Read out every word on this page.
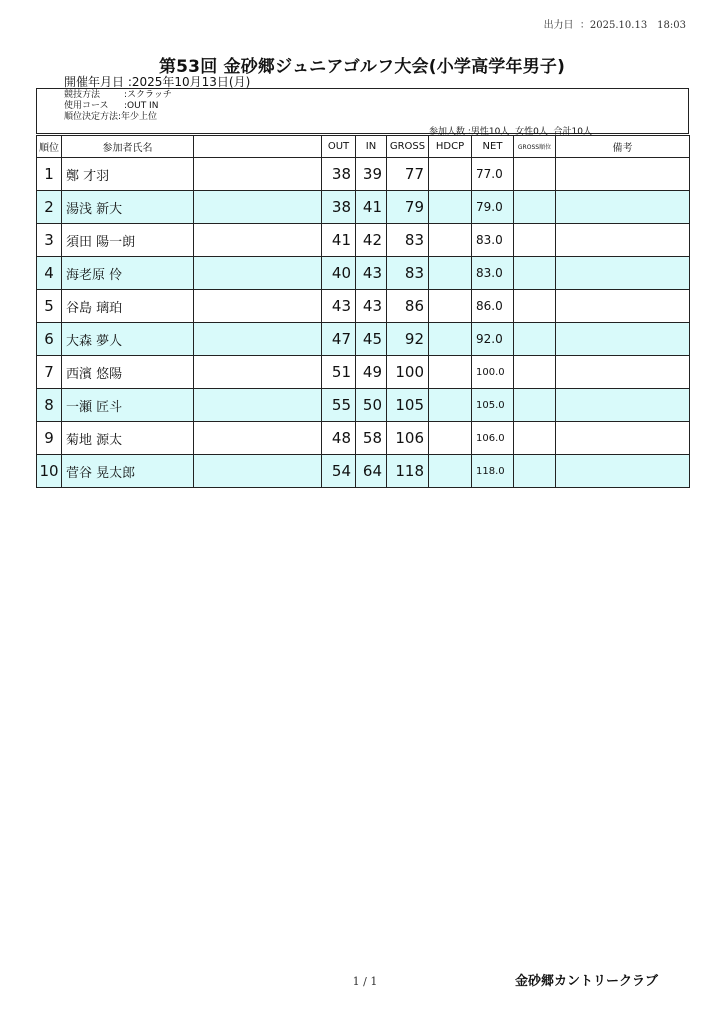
出力日 ：2025.10.13　18:03
第53回 金砂郷ジュニアゴルフ大会(小学高学年男子)
開催年月日 :2025年10月13日(月)
競技方法	:スクラッチ
使用コース :OUT IN
順位決定方法:年少上位
参加人数 :男性10人  女性0人  合計10人
順位	参加者氏名		OUT	IN	GROSS	HDCP	NET	GROSS順位	備考
1	鄭 才羽		38	39	77		77.0		
2	湯浅 新大		38	41	79		79.0		
3	須田 陽一朗		41	42	83		83.0		
4	海老原 伶		40	43	83		83.0		
5	谷島 璃珀		43	43	86		86.0		
6	大森 夢人		47	45	92		92.0		
7	西濱 悠陽		51	49	100		100.0		
8	一瀬 匠斗		55	50	105		105.0		
9	菊地 源太		48	58	106		106.0		
10	菅谷 晃太郎		54	64	118		118.0		
1 / 1	金砂郷カントリークラブ
